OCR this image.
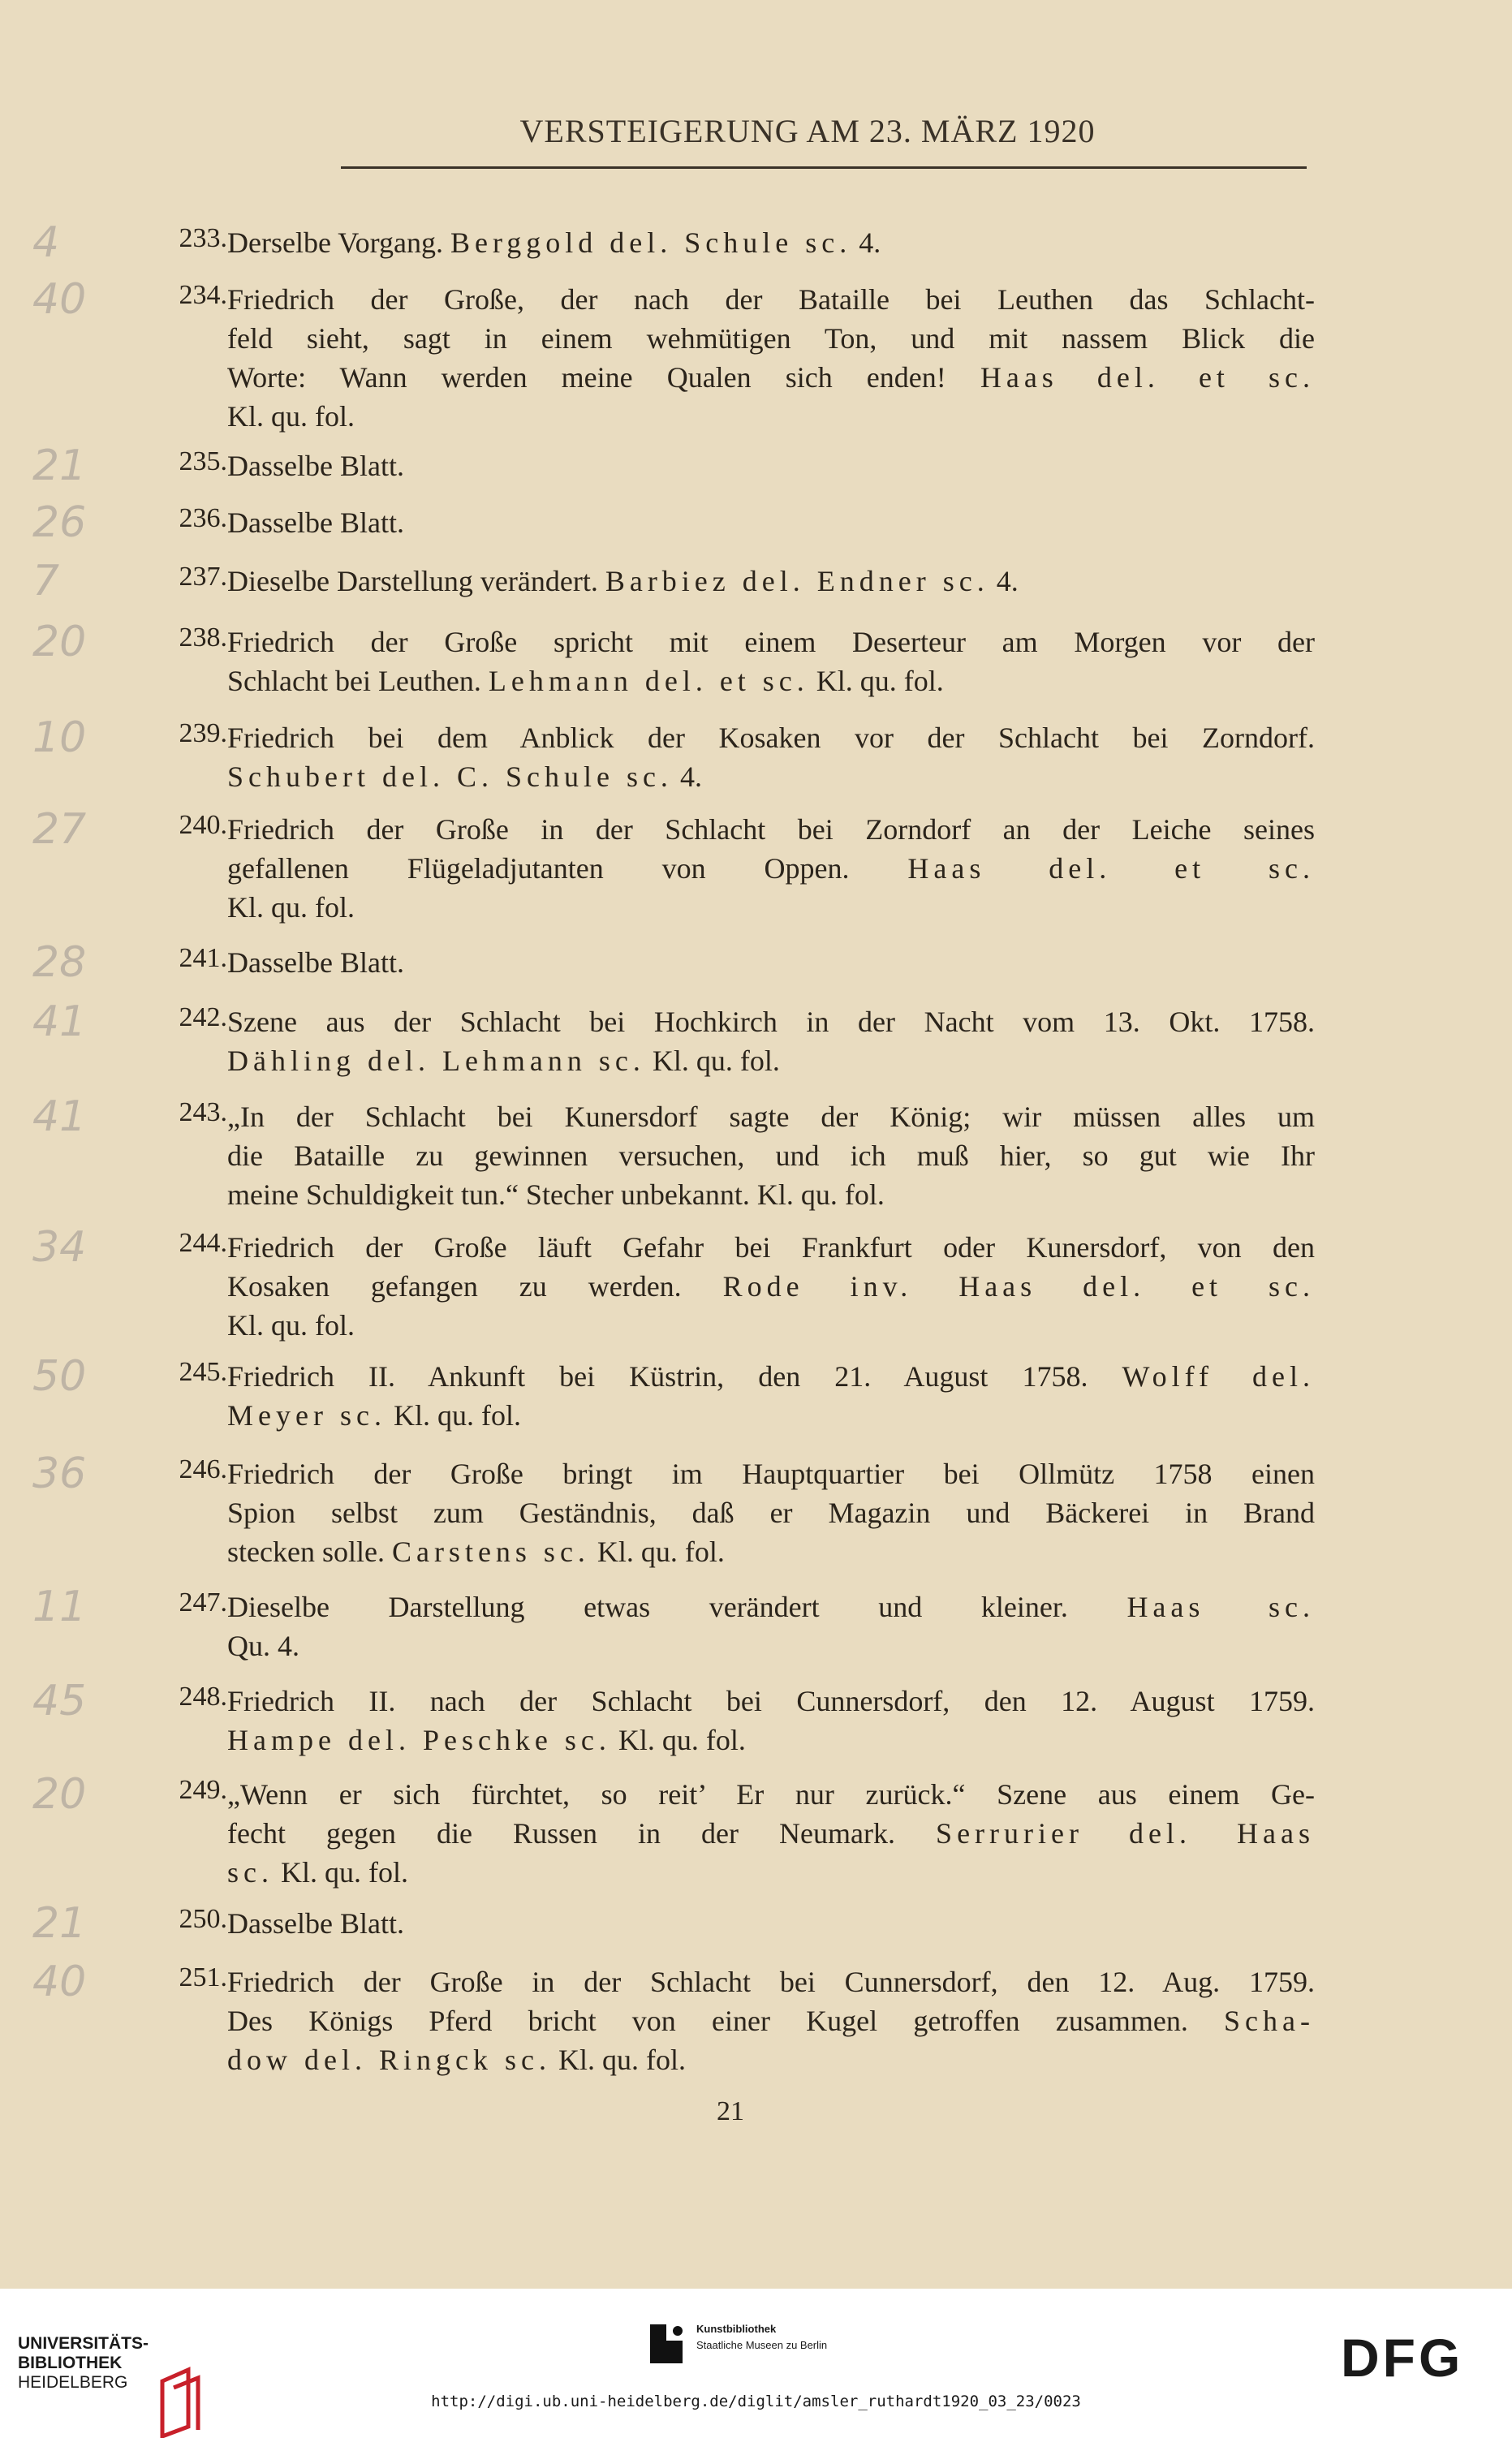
VERSTEIGERUNG AM 23. MÄRZ 1920
4	233. Derselbe Vorgang. Berggold del. Schule sc. 4.
40	234. Friedrich der Große, der nach der Bataille bei Leuthen das Schlacht-
feld sieht, sagt in einem wehmütigen Ton, und mit nassem Blick die
Worte: Wann werden meine Qualen sich enden! Haas del. et sc.
Kl. qu. fol.
21	235. Dasselbe Blatt.
26	236. Dasselbe Blatt.
7	237. Dieselbe Darstellung verändert. Barbiez del. Endner sc. 4.
20	238. Friedrich der Große spricht mit einem Deserteur am Morgen vor der
Schlacht bei Leuthen. Lehmann del. et sc. Kl. qu. fol.
10	239. Friedrich bei dem Anblick der Kosaken vor der Schlacht bei Zorndorf.
Schubert del. C. Schule sc. 4.
27	240. Friedrich der Große in der Schlacht bei Zorndorf an der Leiche seines
gefallenen Flügeladjutanten von Oppen. Haas del. et sc.
Kl. qu. fol.
28	241. Dasselbe Blatt.
41	242. Szene aus der Schlacht bei Hochkirch in der Nacht vom 13. Okt. 1758.
Dähling del. Lehmann sc. Kl. qu. fol.
41	243. „In der Schlacht bei Kunersdorf sagte der König; wir müssen alles um
die Bataille zu gewinnen versuchen, und ich muß hier, so gut wie Ihr
meine Schuldigkeit tun.“ Stecher unbekannt. Kl. qu. fol.
34	244. Friedrich der Große läuft Gefahr bei Frankfurt oder Kunersdorf, von den
Kosaken gefangen zu werden. Rode inv. Haas del. et sc.
Kl. qu. fol.
50	245. Friedrich II. Ankunft bei Küstrin, den 21. August 1758. Wolff del.
Meyer sc. Kl. qu. fol.
36	246. Friedrich der Große bringt im Hauptquartier bei Ollmütz 1758 einen
Spion selbst zum Geständnis, daß er Magazin und Bäckerei in Brand
stecken solle. Carstens sc. Kl. qu. fol.
11	247. Dieselbe Darstellung etwas verändert und kleiner. Haas sc.
Qu. 4.
45	248. Friedrich II. nach der Schlacht bei Cunnersdorf, den 12. August 1759.
Hampe del. Peschke sc. Kl. qu. fol.
20	249. „Wenn er sich fürchtet, so reit’ Er nur zurück.“ Szene aus einem Ge-
fecht gegen die Russen in der Neumark. Serrurier del. Haas
sc. Kl. qu. fol.
21	250. Dasselbe Blatt.
40	251. Friedrich der Große in der Schlacht bei Cunnersdorf, den 12. Aug. 1759.
Des Königs Pferd bricht von einer Kugel getroffen zusammen. Scha-
dow del. Ringck sc. Kl. qu. fol.
21
UNIVERSITÄTS-
BIBLIOTHEK
HEIDELBERG
Kunstbibliothek
Staatliche Museen zu Berlin	DFG
http://digi.ub.uni-heidelberg.de/diglit/amsler_ruthardt1920_03_23/0023
